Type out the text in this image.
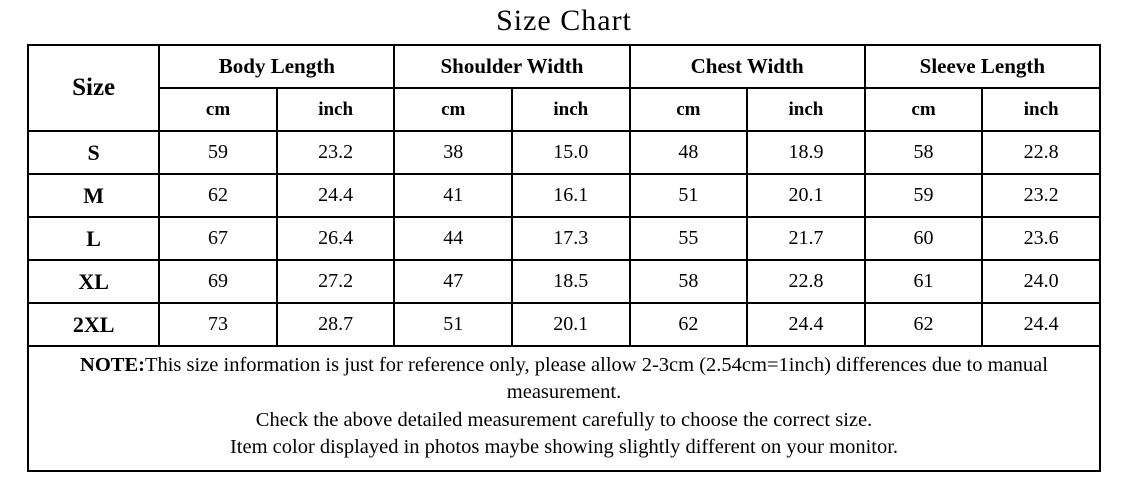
Size Chart
Size	Body Length		Shoulder Width		Chest Width		Sleeve Length	
	cm	inch	cm	inch	cm	inch	cm	inch
S	59	23.2	38	15.0	48	18.9	58	22.8
M	62	24.4	41	16.1	51	20.1	59	23.2
L	67	26.4	44	17.3	55	21.7	60	23.6
XL	69	27.2	47	18.5	58	22.8	61	24.0
2XL	73	28.7	51	20.1	62	24.4	62	24.4

NOTE:This size information is just for reference only, please allow 2-3cm (2.54cm=1inch) differences due to manual measurement.

Check the above detailed measurement carefully to choose the correct size.

Item color displayed in photos maybe showing slightly different on your monitor.								
